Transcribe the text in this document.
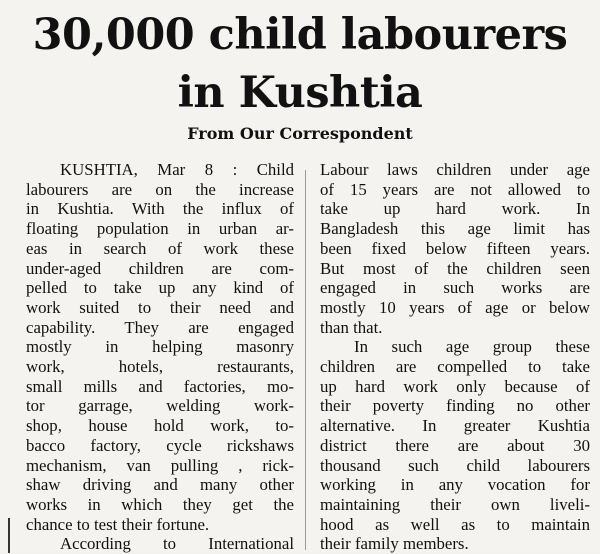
30,000 child labourers
in Kushtia

From Our Correspondent

KUSHTIA, Mar 8 : Child
labourers are on the increase
in Kushtia. With the influx of
floating population in urban ar-
eas in search of work these
under-aged children are com-
pelled to take up any kind of
work suited to their need and
capability. They are engaged
mostly in helping masonry
work, hotels, restaurants,
small mills and factories, mo-
tor garrage, welding work-
shop, house hold work, to-
bacco factory, cycle rickshaws
mechanism, van pulling , rick-
shaw driving and many other
works in which they get the
chance to test their fortune.
According to International
Labour laws children under age
of 15 years are not allowed to
take up hard work. In
Bangladesh this age limit has
been fixed below fifteen years.
But most of the children seen
engaged in such works are
mostly 10 years of age or below
than that.
In such age group these
children are compelled to take
up hard work only because of
their poverty finding no other
alternative. In greater Kushtia
district there are about 30
thousand such child labourers
working in any vocation for
maintaining their own liveli-
hood as well as to maintain
their family members.
